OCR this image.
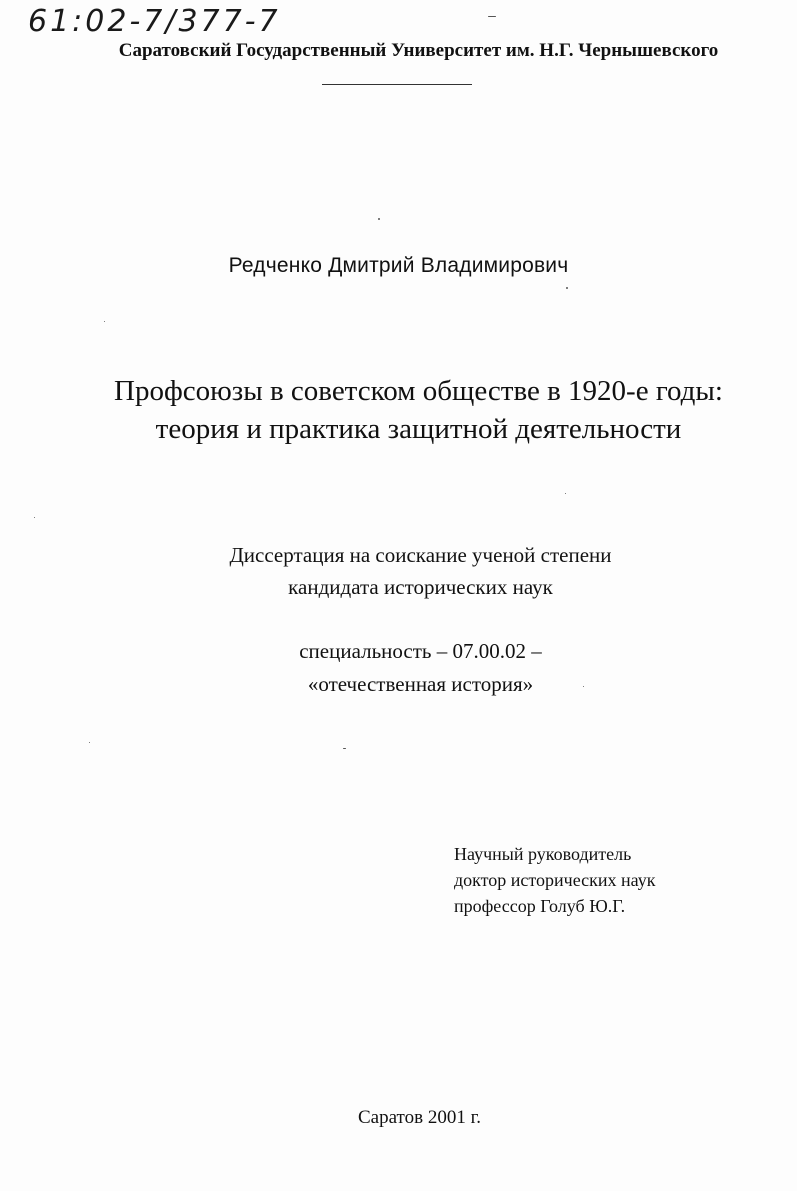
61:02-7/377-7
Саратовский Государственный Университет им. Н.Г. Чернышевского
Редченко Дмитрий Владимирович
Профсоюзы в советском обществе в 1920-е годы:
теория и практика защитной деятельности
Диссертация на соискание ученой степени
кандидата исторических наук
специальность – 07.00.02 –
«отечественная история»
Научный руководитель
доктор исторических наук
профессор Голуб Ю.Г.
Саратов 2001 г.
